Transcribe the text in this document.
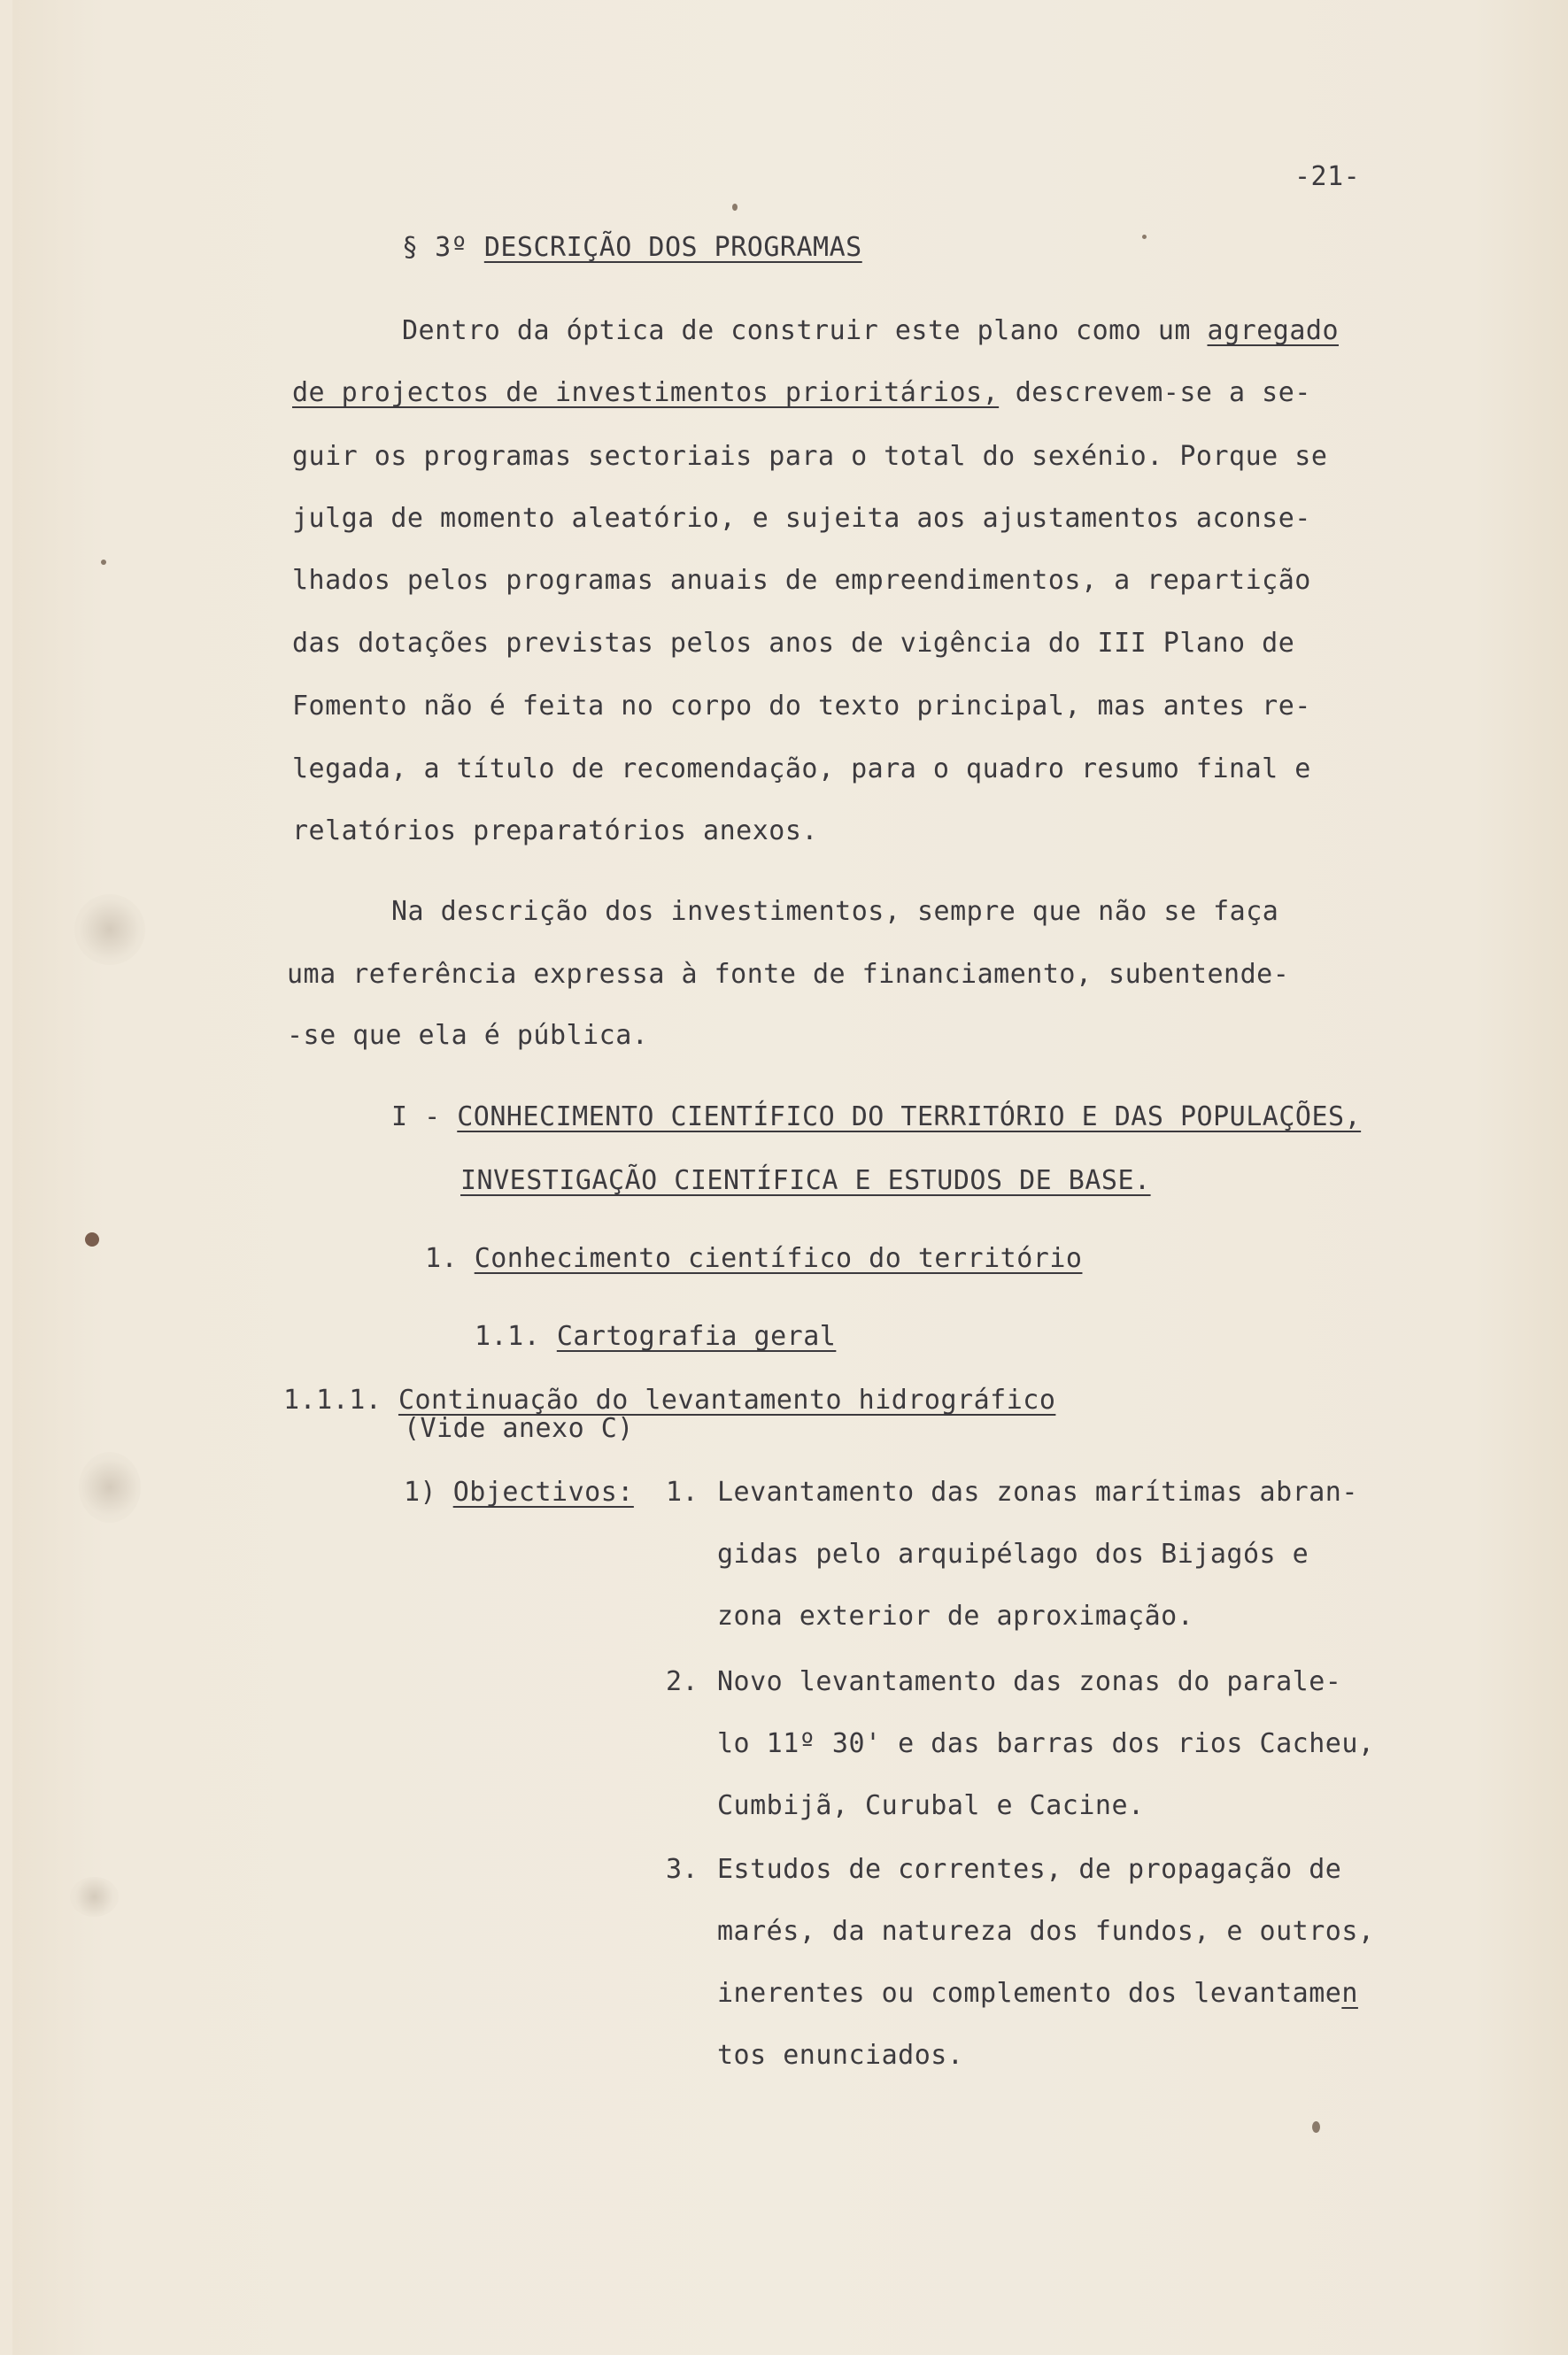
-21-
§ 3º DESCRIÇÃO DOS PROGRAMAS
Dentro da óptica de construir este plano como um agregado
de projectos de investimentos prioritários, descrevem-se a se-
guir os programas sectoriais para o total do sexénio. Porque se
julga de momento aleatório, e sujeita aos ajustamentos aconse-
lhados pelos programas anuais de empreendimentos, a repartição
das dotações previstas pelos anos de vigência do III Plano de
Fomento não é feita no corpo do texto principal, mas antes re-
legada, a título de recomendação, para o quadro resumo final e
relatórios preparatórios anexos.
Na descrição dos investimentos, sempre que não se faça
uma referência expressa à fonte de financiamento, subentende-
-se que ela é pública.
I - CONHECIMENTO CIENTÍFICO DO TERRITÓRIO E DAS POPULAÇÕES,
INVESTIGAÇÃO CIENTÍFICA E ESTUDOS DE BASE.
1. Conhecimento científico do território
1.1. Cartografia geral
1.1.1. Continuação do levantamento hidrográfico
(Vide anexo C)
1) Objectivos: 1. Levantamento das zonas marítimas abran-
gidas pelo arquipélago dos Bijagós e
zona exterior de aproximação.
2. Novo levantamento das zonas do parale-
lo 11º 30' e das barras dos rios Cacheu,
Cumbijã, Curubal e Cacine.
3. Estudos de correntes, de propagação de
marés, da natureza dos fundos, e outros,
inerentes ou complemento dos levantamen
tos enunciados.
